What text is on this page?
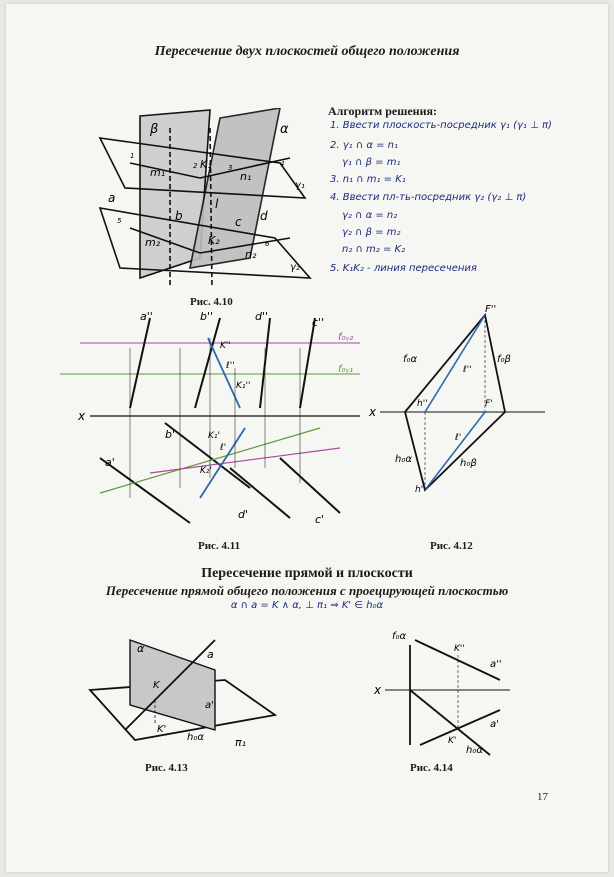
Пересечение двух плоскостей общего положения
β	α
m₁
K₁
n₁
γ₁
a
b
l
c d
K₂
m₂
n₂
γ₂
1
2	3	4
5
6
Рис. 4.10
Алгоритм решения:
1. Ввести плоскость-посредник γ₁ (γ₁ ⊥ π)
2. γ₁ ∩ α = n₁
γ₁ ∩ β = m₁
3. n₁ ∩ m₁ = K₁
4. Ввести пл-ть-посредник γ₂ (γ₂ ⊥ π)
γ₂ ∩ α = n₂
γ₂ ∩ β = m₂
n₂ ∩ m₂ = K₂
5. K₁K₂ - линия пересечения
a''	b''	d''	c''
K''
ℓ''
K₁''
f₀ᵧ₂
f₀ᵧ₁
x
b'
a'
K₁'
ℓ'
K₂'
d'	c'
Рис. 4.11
F''
f₀α	f₀β
ℓ''
x
h''	F'
ℓ'
h₀α	h₀β
h'
Рис. 4.12
Пересечение прямой и плоскости
Пересечение прямой общего положения с проецирующей плоскостью
α ∩ a = K ∧ α, ⊥ π₁ ⇒ K' ∈ h₀α
α	a
K
a'
K'
h₀α	π₁
Рис. 4.13
f₀α
K''
a''
x
a'
K'
h₀α
Рис. 4.14
17
